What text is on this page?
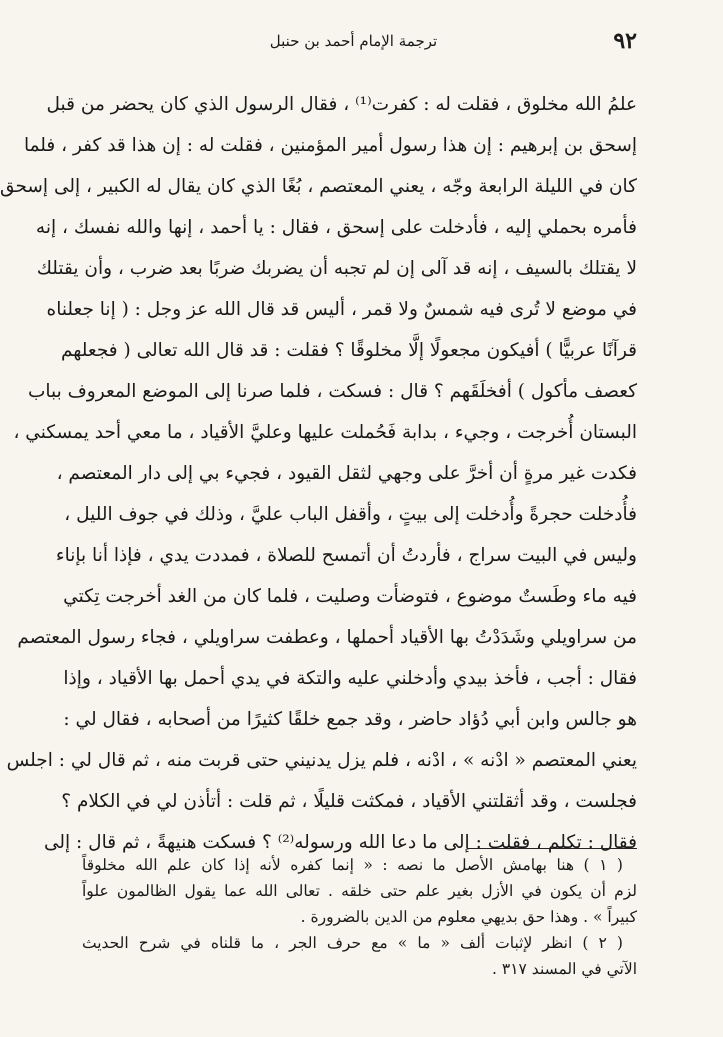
٩٢
ترجمة الإمام أحمد بن حنبل
علمُ الله مخلوق ، فقلت له : كفرت⁽¹⁾ ، فقال الرسول الذي كان يحضر من قبل
إسحق بن إبرهيم : إن هذا رسول أمير المؤمنين ، فقلت له : إن هذا قد كفر ، فلما
كان في الليلة الرابعة وجّه ، يعني المعتصم ، بُغًا الذي كان يقال له الكبير ، إلى إسحق
فأمره بحملي إليه ، فأدخلت على إسحق ، فقال : يا أحمد ، إنها والله نفسك ، إنه
لا يقتلك بالسيف ، إنه قد آلى إن لم تجبه أن يضربك ضربًا بعد ضرب ، وأن يقتلك
في موضع لا تُرى فيه شمسٌ ولا قمر ، أليس قد قال الله عز وجل : ( إنا جعلناه
قرآنًا عربيًّا ) أفيكون مجعولًا إلَّا مخلوقًا ؟ فقلت : قد قال الله تعالى ( فجعلهم
كعصف مأكول ) أفخلَقَهم ؟ قال : فسكت ، فلما صرنا إلى الموضع المعروف بباب
البستان أُخرجت ، وجيء ، بدابة فَحُملت عليها وعليَّ الأقياد ، ما معي أحد يمسكني ،
فكدت غير مرةٍ أن أخرَّ على وجهي لثقل القيود ، فجيء بي إلى دار المعتصم ،
فأُدخلت حجرةً وأُدخلت إلى بيتٍ ، وأقفل الباب عليَّ ، وذلك في جوف الليل ،
وليس في البيت سراج ، فأردتُ أن أتمسح للصلاة ، فمددت يدي ، فإذا أنا بإناء
فيه ماء وطَستٌ موضوع ، فتوضأت وصليت ، فلما كان من الغد أخرجت تِكتي
من سراويلي وشَدَدْتُ بها الأقياد أحملها ، وعطفت سراويلي ، فجاء رسول المعتصم
فقال : أجب ، فأخذ بيدي وأدخلني عليه والتكة في يدي أحمل بها الأقياد ، وإذا
هو جالس وابن أبي دُؤاد حاضر ، وقد جمع خلقًا كثيرًا من أصحابه ، فقال لي :
يعني المعتصم « ادْنه » ، ادْنه ، فلم يزل يدنيني حتى قربت منه ، ثم قال لي : اجلس
فجلست ، وقد أثقلتني الأقياد ، فمكثت قليلًا ، ثم قلت : أتأذن لي في الكلام ؟
فقال : تكلم ، فقلت : إلى ما دعا الله ورسوله⁽²⁾ ؟ فسكت هنيهةً ، ثم قال : إلى
( ١ ) هنا بهامش الأصل ما نصه : « إنما كفره لأنه إذا كان علم الله مخلوقاً
لزم أن يكون في الأزل بغير علم حتى خلقه . تعالى الله عما يقول الظالمون علواً
كبيراً » . وهذا حق بديهي معلوم من الدين بالضرورة .
( ٢ ) انظر لإثبات ألف « ما » مع حرف الجر ، ما قلناه في شرح الحديث
الآتي في المسند ٣١٧ .
